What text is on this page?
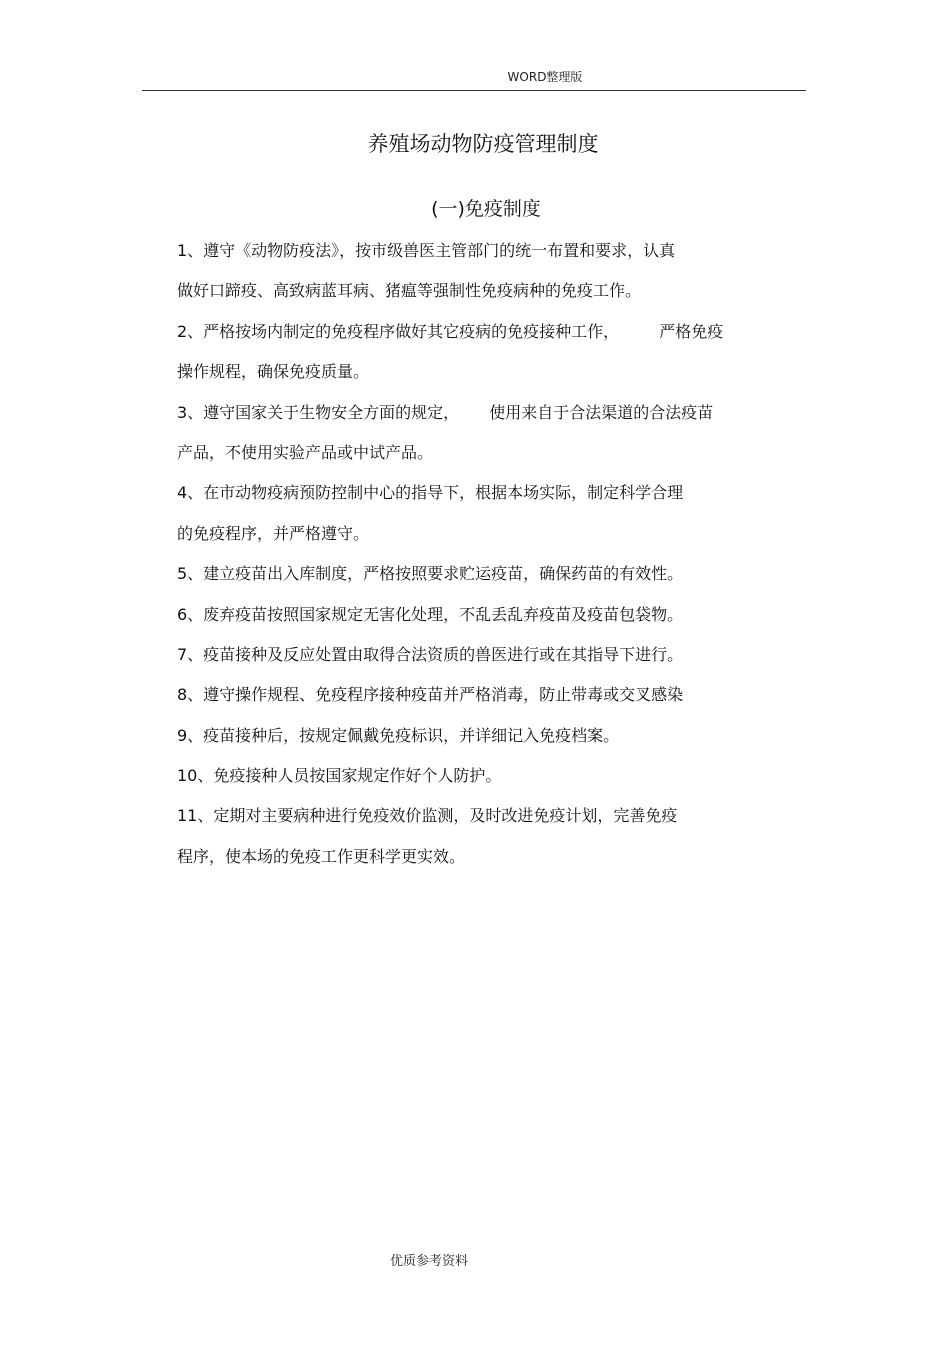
WORD整理版
养殖场动物防疫管理制度
(一)免疫制度
1、遵守《动物防疫法》，按市级兽医主管部门的统一布置和要求，认真
做好口蹄疫、高致病蓝耳病、猪瘟等强制性免疫病种的免疫工作。
2、严格按场内制定的免疫程序做好其它疫病的免疫接种工作，	严格免疫
操作规程，确保免疫质量。
3、遵守国家关于生物安全方面的规定， 使用来自于合法渠道的合法疫苗
产品，不使用实验产品或中试产品。
4、在市动物疫病预防控制中心的指导下，根据本场实际，制定科学合理
的免疫程序，并严格遵守。
5、建立疫苗出入库制度，严格按照要求贮运疫苗，确保药苗的有效性。
6、废弃疫苗按照国家规定无害化处理，不乱丢乱弃疫苗及疫苗包袋物。
7、疫苗接种及反应处置由取得合法资质的兽医进行或在其指导下进行。
8、遵守操作规程、免疫程序接种疫苗并严格消毒，防止带毒或交叉感染
9、疫苗接种后，按规定佩戴免疫标识，并详细记入免疫档案。
10、免疫接种人员按国家规定作好个人防护。
11、定期对主要病种进行免疫效价监测，及时改进免疫计划，完善免疫
程序，使本场的免疫工作更科学更实效。
优质参考资料
